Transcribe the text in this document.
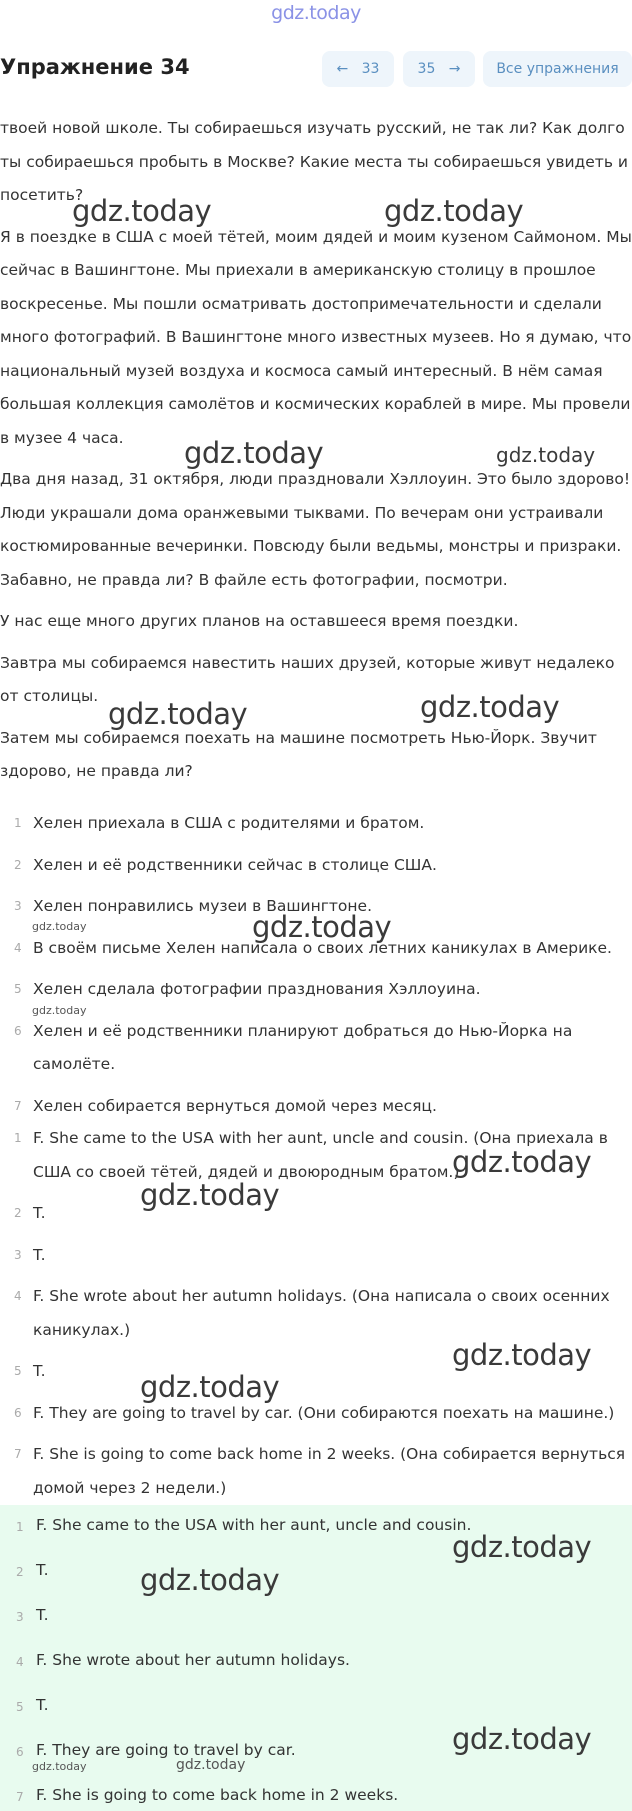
gdz.today
Упражнение 34	← 33	35 →	Все упражнения

твоей новой школе. Ты собираешься изучать русский, не так ли? Как долго ты собираешься пробыть в Москве? Какие места ты собираешься увидеть и посетить?

Я в поездке в США с моей тётей, моим дядей и моим кузеном Саймоном. Мы сейчас в Вашингтоне. Мы приехали в американскую столицу в прошлое воскресенье. Мы пошли осматривать достопримечательности и сделали много фотографий. В Вашингтоне много известных музеев. Но я думаю, что национальный музей воздуха и космоса самый интересный. В нём самая большая коллекция самолётов и космических кораблей в мире. Мы провели в музее 4 часа.

Два дня назад, 31 октября, люди праздновали Хэллоуин. Это было здорово! Люди украшали дома оранжевыми тыквами. По вечерам они устраивали костюмированные вечеринки. Повсюду были ведьмы, монстры и призраки. Забавно, не правда ли? В файле есть фотографии, посмотри.

У нас еще много других планов на оставшееся время поездки.

Завтра мы собираемся навестить наших друзей, которые живут недалеко от столицы.

Затем мы собираемся поехать на машине посмотреть Нью-Йорк. Звучит здорово, не правда ли?

1 Хелен приехала в США с родителями и братом.
2 Хелен и её родственники сейчас в столице США.
3 Хелен понравились музеи в Вашингтоне.
4 В своём письме Хелен написала о своих летних каникулах в Америке.
5 Хелен сделала фотографии празднования Хэллоуина.
6 Хелен и её родственники планируют добраться до Нью-Йорка на самолёте.
7 Хелен собирается вернуться домой через месяц.
1 F. She came to the USA with her aunt, uncle and cousin. (Она приехала в США со своей тётей, дядей и двоюродным братом.)
2 T.
3 T.
4 F. She wrote about her autumn holidays. (Она написала о своих осенних каникулах.)
5 T.
6 F. They are going to travel by car. (Они собираются поехать на машине.)
7 F. She is going to come back home in 2 weeks. (Она собирается вернуться домой через 2 недели.)
1 F. She came to the USA with her aunt, uncle and cousin.
2 T.
3 T.
4 F. She wrote about her autumn holidays.
5 T.
6 F. They are going to travel by car.
7 F. She is going to come back home in 2 weeks.
gdz.today	gdz.today
gdz.today	gdz.today
gdz.today	gdz.today
gdz.today	gdz.today
gdz.today
gdz.today
gdz.today
gdz.today
gdz.today
gdz.today
gdz.today
gdz.today
gdz.today	gdz.today
